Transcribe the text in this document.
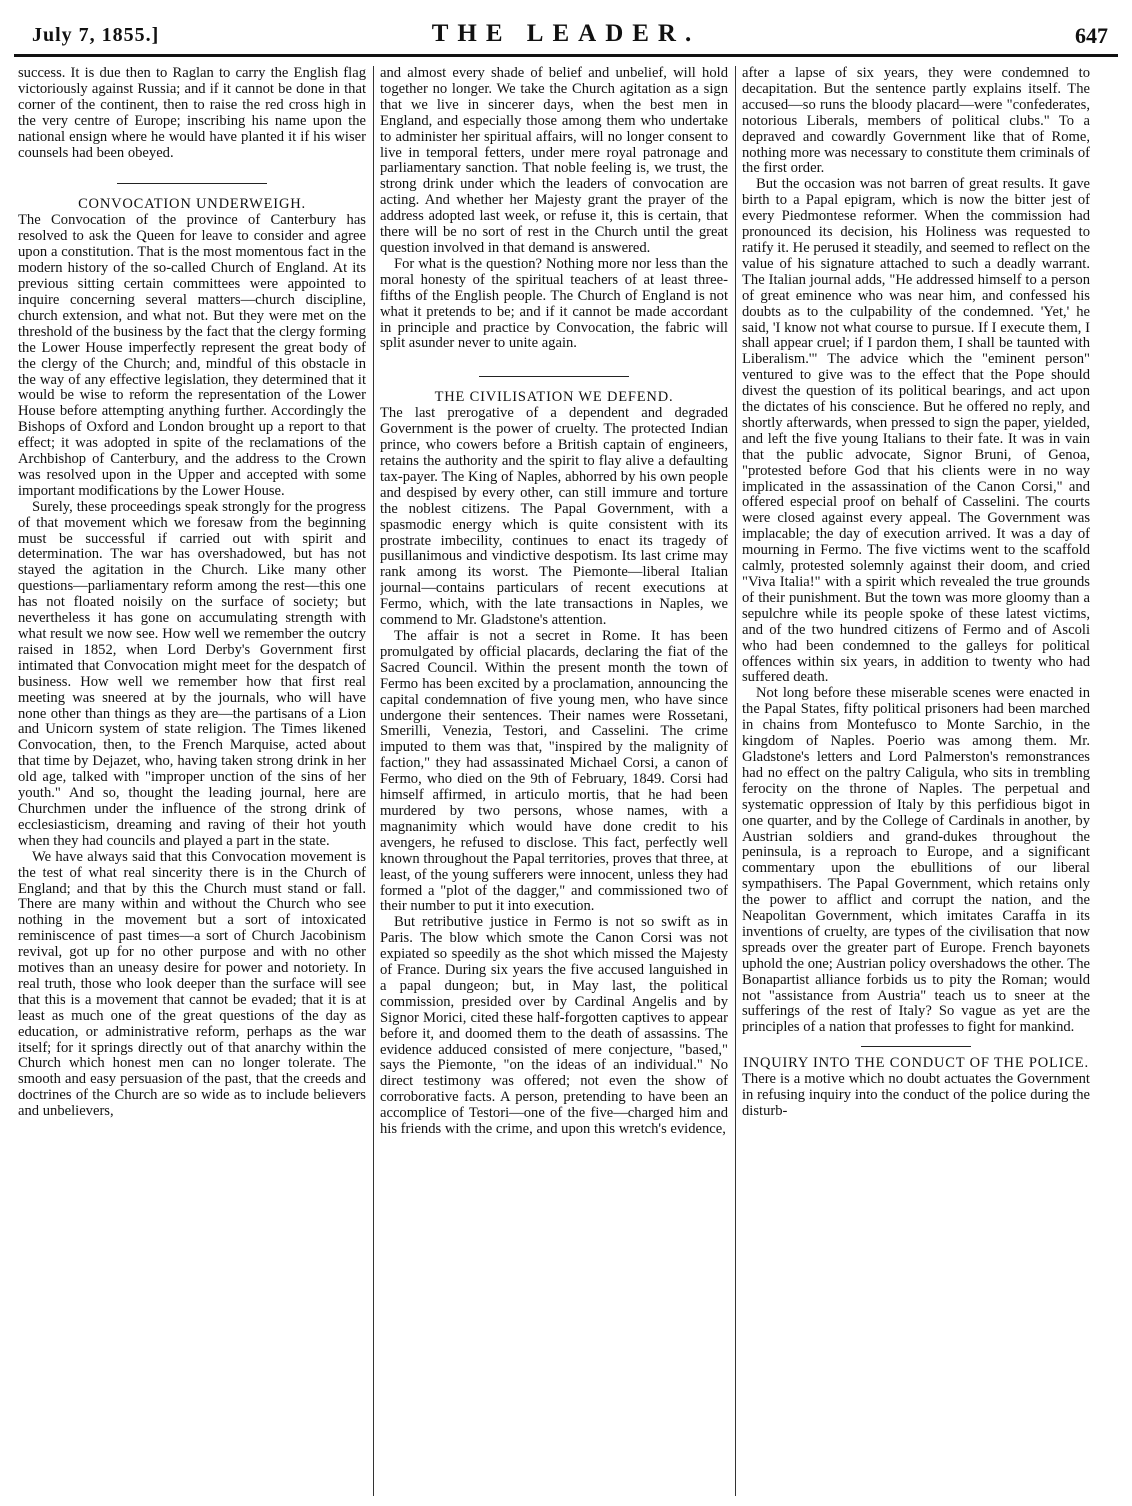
July 7, 1855.]	THE LEADER.	647

success. It is due then to Raglan to carry the English flag victoriously against Russia; and if it cannot be done in that corner of the continent, then to raise the red cross high in the very centre of Europe; inscribing his name upon the national ensign where he would have planted it if his wiser counsels had been obeyed.

CONVOCATION UNDERWEIGH.

The Convocation of the province of Canterbury has resolved to ask the Queen for leave to consider and agree upon a constitution. That is the most momentous fact in the modern history of the so-called Church of England. At its previous sitting certain committees were appointed to inquire concerning several matters—church discipline, church extension, and what not. But they were met on the threshold of the business by the fact that the clergy forming the Lower House imperfectly represent the great body of the clergy of the Church; and, mindful of this obstacle in the way of any effective legislation, they determined that it would be wise to reform the representation of the Lower House before attempting anything further. Accordingly the Bishops of Oxford and London brought up a report to that effect; it was adopted in spite of the reclamations of the Archbishop of Canterbury, and the address to the Crown was resolved upon in the Upper and accepted with some important modifications by the Lower House.

Surely, these proceedings speak strongly for the progress of that movement which we foresaw from the beginning must be successful if carried out with spirit and determination. The war has overshadowed, but has not stayed the agitation in the Church. Like many other questions—parliamentary reform among the rest—this one has not floated noisily on the surface of society; but nevertheless it has gone on accumulating strength with what result we now see. How well we remember the outcry raised in 1852, when Lord Derby's Government first intimated that Convocation might meet for the despatch of business. How well we remember how that first real meeting was sneered at by the journals, who will have none other than things as they are—the partisans of a Lion and Unicorn system of state religion. The Times likened Convocation, then, to the French Marquise, acted about that time by Dejazet, who, having taken strong drink in her old age, talked with "improper unction of the sins of her youth." And so, thought the leading journal, here are Churchmen under the influence of the strong drink of ecclesiasticism, dreaming and raving of their hot youth when they had councils and played a part in the state.

We have always said that this Convocation movement is the test of what real sincerity there is in the Church of England; and that by this the Church must stand or fall. There are many within and without the Church who see nothing in the movement but a sort of intoxicated reminiscence of past times—a sort of Church Jacobinism revival, got up for no other purpose and with no other motives than an uneasy desire for power and notoriety. In real truth, those who look deeper than the surface will see that this is a movement that cannot be evaded; that it is at least as much one of the great questions of the day as education, or administrative reform, perhaps as the war itself; for it springs directly out of that anarchy within the Church which honest men can no longer tolerate. The smooth and easy persuasion of the past, that the creeds and doctrines of the Church are so wide as to include believers and unbelievers,

and almost every shade of belief and unbelief, will hold together no longer. We take the Church agitation as a sign that we live in sincerer days, when the best men in England, and especially those among them who undertake to administer her spiritual affairs, will no longer consent to live in temporal fetters, under mere royal patronage and parliamentary sanction. That noble feeling is, we trust, the strong drink under which the leaders of convocation are acting. And whether her Majesty grant the prayer of the address adopted last week, or refuse it, this is certain, that there will be no sort of rest in the Church until the great question involved in that demand is answered.

For what is the question? Nothing more nor less than the moral honesty of the spiritual teachers of at least three-fifths of the English people. The Church of England is not what it pretends to be; and if it cannot be made accordant in principle and practice by Convocation, the fabric will split asunder never to unite again.

THE CIVILISATION WE DEFEND.

The last prerogative of a dependent and degraded Government is the power of cruelty. The protected Indian prince, who cowers before a British captain of engineers, retains the authority and the spirit to flay alive a defaulting tax-payer. The King of Naples, abhorred by his own people and despised by every other, can still immure and torture the noblest citizens. The Papal Government, with a spasmodic energy which is quite consistent with its prostrate imbecility, continues to enact its tragedy of pusillanimous and vindictive despotism. Its last crime may rank among its worst. The Piemonte—liberal Italian journal—contains particulars of recent executions at Fermo, which, with the late transactions in Naples, we commend to Mr. Gladstone's attention.

The affair is not a secret in Rome. It has been promulgated by official placards, declaring the fiat of the Sacred Council. Within the present month the town of Fermo has been excited by a proclamation, announcing the capital condemnation of five young men, who have since undergone their sentences. Their names were Rossetani, Smerilli, Venezia, Testori, and Casselini. The crime imputed to them was that, "inspired by the malignity of faction," they had assassinated Michael Corsi, a canon of Fermo, who died on the 9th of February, 1849. Corsi had himself affirmed, in articulo mortis, that he had been murdered by two persons, whose names, with a magnanimity which would have done credit to his avengers, he refused to disclose. This fact, perfectly well known throughout the Papal territories, proves that three, at least, of the young sufferers were innocent, unless they had formed a "plot of the dagger," and commissioned two of their number to put it into execution.

But retributive justice in Fermo is not so swift as in Paris. The blow which smote the Canon Corsi was not expiated so speedily as the shot which missed the Majesty of France. During six years the five accused languished in a papal dungeon; but, in May last, the political commission, presided over by Cardinal Angelis and by Signor Morici, cited these half-forgotten captives to appear before it, and doomed them to the death of assassins. The evidence adduced consisted of mere conjecture, "based," says the Piemonte, "on the ideas of an individual." No direct testimony was offered; not even the show of corroborative facts. A person, pretending to have been an accomplice of Testori—one of the five—charged him and his friends with the crime, and upon this wretch's evidence,

after a lapse of six years, they were condemned to decapitation. But the sentence partly explains itself. The accused—so runs the bloody placard—were "confederates, notorious Liberals, members of political clubs." To a depraved and cowardly Government like that of Rome, nothing more was necessary to constitute them criminals of the first order.

But the occasion was not barren of great results. It gave birth to a Papal epigram, which is now the bitter jest of every Piedmontese reformer. When the commission had pronounced its decision, his Holiness was requested to ratify it. He perused it steadily, and seemed to reflect on the value of his signature attached to such a deadly warrant. The Italian journal adds, "He addressed himself to a person of great eminence who was near him, and confessed his doubts as to the culpability of the condemned. 'Yet,' he said, 'I know not what course to pursue. If I execute them, I shall appear cruel; if I pardon them, I shall be taunted with Liberalism.'" The advice which the "eminent person" ventured to give was to the effect that the Pope should divest the question of its political bearings, and act upon the dictates of his conscience. But he offered no reply, and shortly afterwards, when pressed to sign the paper, yielded, and left the five young Italians to their fate. It was in vain that the public advocate, Signor Bruni, of Genoa, "protested before God that his clients were in no way implicated in the assassination of the Canon Corsi," and offered especial proof on behalf of Casselini. The courts were closed against every appeal. The Government was implacable; the day of execution arrived. It was a day of mourning in Fermo. The five victims went to the scaffold calmly, protested solemnly against their doom, and cried "Viva Italia!" with a spirit which revealed the true grounds of their punishment. But the town was more gloomy than a sepulchre while its people spoke of these latest victims, and of the two hundred citizens of Fermo and of Ascoli who had been condemned to the galleys for political offences within six years, in addition to twenty who had suffered death.

Not long before these miserable scenes were enacted in the Papal States, fifty political prisoners had been marched in chains from Montefusco to Monte Sarchio, in the kingdom of Naples. Poerio was among them. Mr. Gladstone's letters and Lord Palmerston's remonstrances had no effect on the paltry Caligula, who sits in trembling ferocity on the throne of Naples. The perpetual and systematic oppression of Italy by this perfidious bigot in one quarter, and by the College of Cardinals in another, by Austrian soldiers and grand-dukes throughout the peninsula, is a reproach to Europe, and a significant commentary upon the ebullitions of our liberal sympathisers. The Papal Government, which retains only the power to afflict and corrupt the nation, and the Neapolitan Government, which imitates Caraffa in its inventions of cruelty, are types of the civilisation that now spreads over the greater part of Europe. French bayonets uphold the one; Austrian policy overshadows the other. The Bonapartist alliance forbids us to pity the Roman; would not "assistance from Austria" teach us to sneer at the sufferings of the rest of Italy? So vague as yet are the principles of a nation that professes to fight for mankind.

INQUIRY INTO THE CONDUCT OF THE POLICE.

There is a motive which no doubt actuates the Government in refusing inquiry into the conduct of the police during the disturb-
